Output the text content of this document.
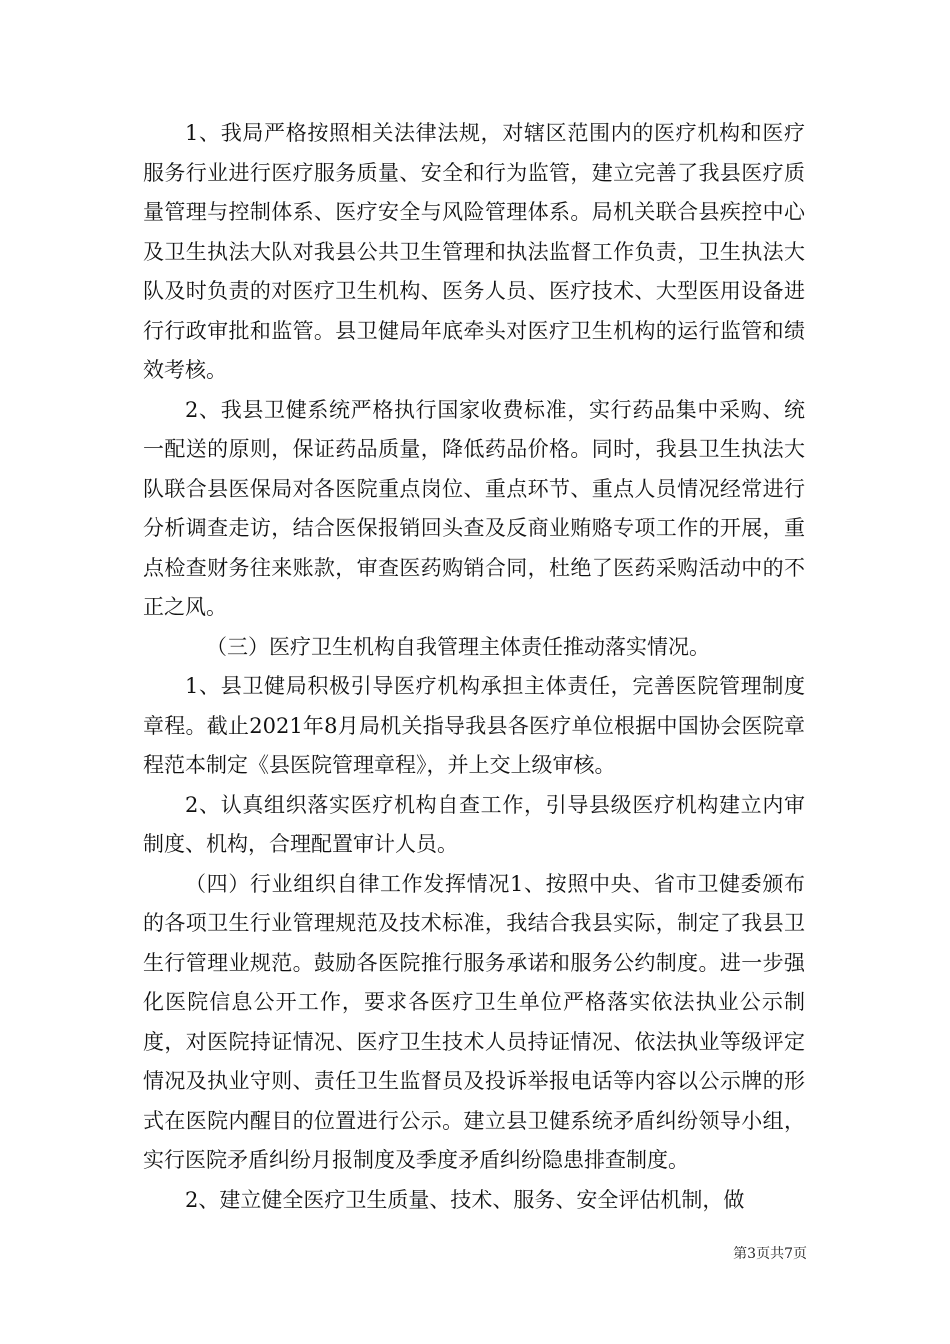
1、我局严格按照相关法律法规，对辖区范围内的医疗机构和医疗服务行业进行医疗服务质量、安全和行为监管，建立完善了我县医疗质量管理与控制体系、医疗安全与风险管理体系。局机关联合县疾控中心及卫生执法大队对我县公共卫生管理和执法监督工作负责，卫生执法大队及时负责的对医疗卫生机构、医务人员、医疗技术、大型医用设备进行行政审批和监管。县卫健局年底牵头对医疗卫生机构的运行监管和绩效考核。

2、我县卫健系统严格执行国家收费标准，实行药品集中采购、统一配送的原则，保证药品质量，降低药品价格。同时，我县卫生执法大队联合县医保局对各医院重点岗位、重点环节、重点人员情况经常进行分析调查走访，结合医保报销回头查及反商业贿赂专项工作的开展，重点检查财务往来账款，审查医药购销合同，杜绝了医药采购活动中的不正之风。

（三）医疗卫生机构自我管理主体责任推动落实情况。

1、县卫健局积极引导医疗机构承担主体责任，完善医院管理制度章程。截止2021年8月局机关指导我县各医疗单位根据中国协会医院章程范本制定《县医院管理章程》，并上交上级审核。

2、认真组织落实医疗机构自查工作，引导县级医疗机构建立内审制度、机构，合理配置审计人员。

（四）行业组织自律工作发挥情况1、按照中央、省市卫健委颁布的各项卫生行业管理规范及技术标准，我结合我县实际，制定了我县卫生行管理业规范。鼓励各医院推行服务承诺和服务公约制度。进一步强化医院信息公开工作，要求各医疗卫生单位严格落实依法执业公示制度，对医院持证情况、医疗卫生技术人员持证情况、依法执业等级评定情况及执业守则、责任卫生监督员及投诉举报电话等内容以公示牌的形式在医院内醒目的位置进行公示。建立县卫健系统矛盾纠纷领导小组，实行医院矛盾纠纷月报制度及季度矛盾纠纷隐患排查制度。

2、建立健全医疗卫生质量、技术、服务、安全评估机制，做

第3页共7页
